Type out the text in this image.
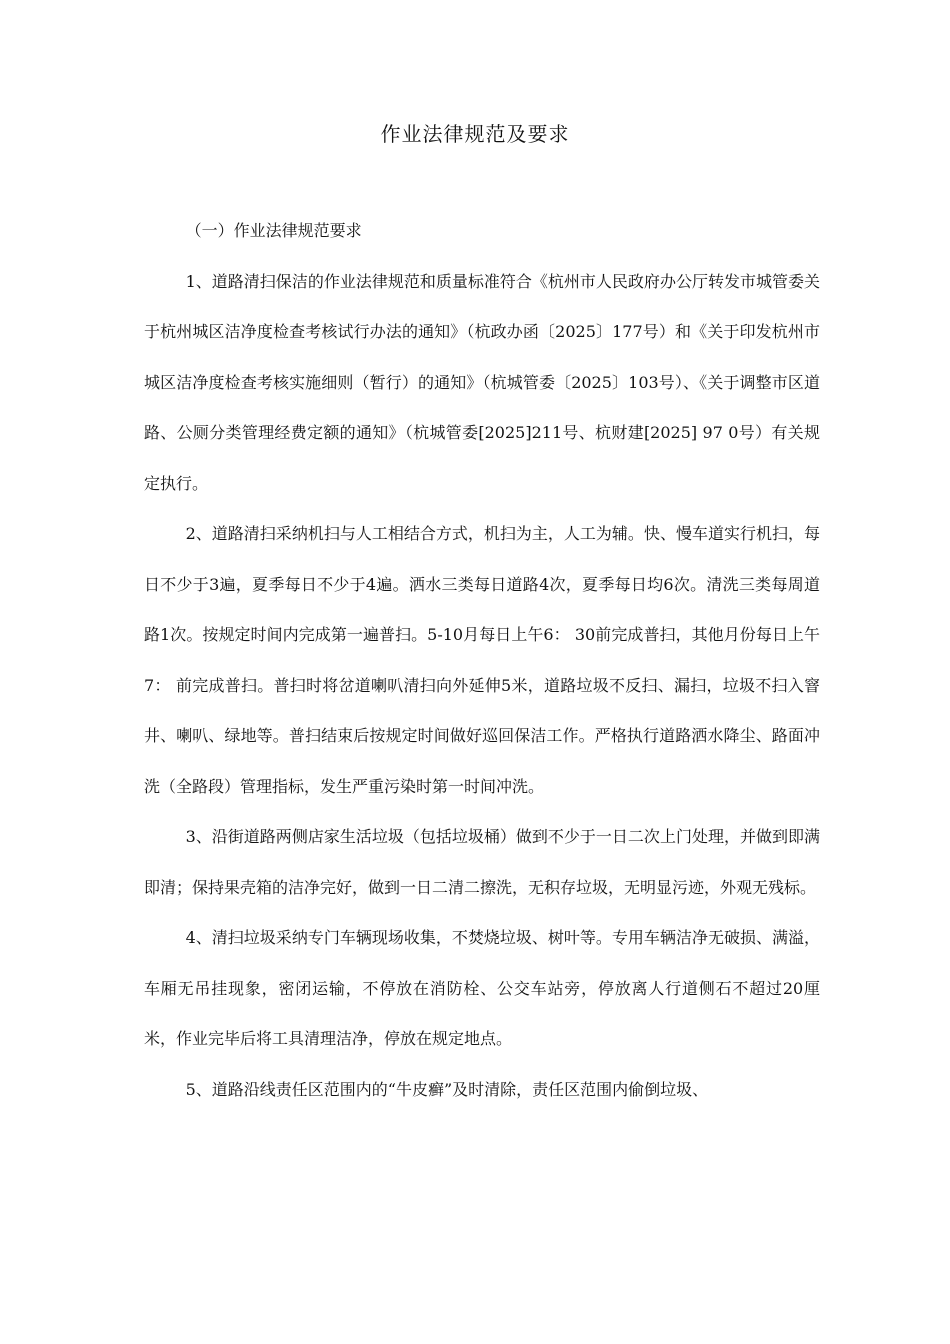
作业法律规范及要求

（一）作业法律规范要求

1、道路清扫保洁的作业法律规范和质量标准符合《杭州市人民政府办公厅转发市城管委关于杭州城区洁净度检查考核试行办法的通知》（杭政办函〔2025〕177号）和《关于印发杭州市城区洁净度检查考核实施细则（暂行）的通知》（杭城管委〔2025〕103号）、《关于调整市区道路、公厕分类管理经费定额的通知》（杭城管委[2025]211号、杭财建[2025] 97 0号）有关规定执行。

2、道路清扫采纳机扫与人工相结合方式，机扫为主，人工为辅。快、慢车道实行机扫，每日不少于3遍，夏季每日不少于4遍。洒水三类每日道路4次，夏季每日均6次。清洗三类每周道路1次。按规定时间内完成第一遍普扫。5-10月每日上午6： 30前完成普扫，其他月份每日上午7： 前完成普扫。普扫时将岔道喇叭清扫向外延伸5米，道路垃圾不反扫、漏扫，垃圾不扫入窨井、喇叭、绿地等。普扫结束后按规定时间做好巡回保洁工作。严格执行道路洒水降尘、路面冲洗（全路段）管理指标，发生严重污染时第一时间冲洗。

3、沿街道路两侧店家生活垃圾（包括垃圾桶）做到不少于一日二次上门处理，并做到即满即清；保持果壳箱的洁净完好，做到一日二清二擦洗，无积存垃圾，无明显污迹，外观无残标。

4、清扫垃圾采纳专门车辆现场收集，不焚烧垃圾、树叶等。专用车辆洁净无破损、满溢，车厢无吊挂现象，密闭运输，不停放在消防栓、公交车站旁，停放离人行道侧石不超过20厘米，作业完毕后将工具清理洁净，停放在规定地点。

5、道路沿线责任区范围内的“牛皮癣”及时清除，责任区范围内偷倒垃圾、
